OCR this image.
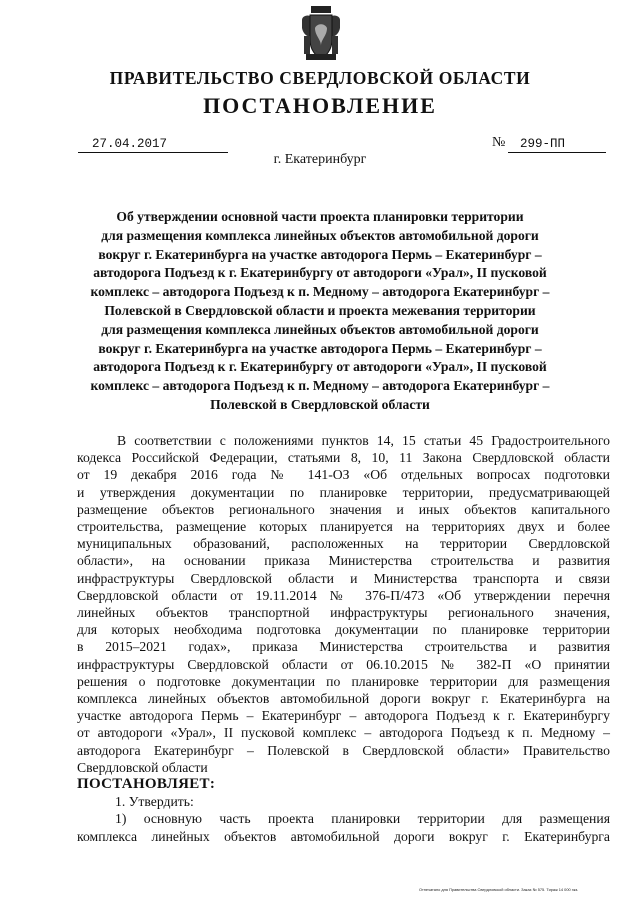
ПРАВИТЕЛЬСТВО СВЕРДЛОВСКОЙ ОБЛАСТИ
ПОСТАНОВЛЕНИЕ
27.04.2017	№	299-ПП
г. Екатеринбург
Об утверждении основной части проекта планировки территории
для размещения комплекса линейных объектов автомобильной дороги
вокруг г. Екатеринбурга на участке автодорога Пермь – Екатеринбург –
автодорога Подъезд к г. Екатеринбургу от автодороги «Урал», II пусковой
комплекс – автодорога Подъезд к п. Медному – автодорога Екатеринбург –
Полевской в Свердловской области и проекта межевания территории
для размещения комплекса линейных объектов автомобильной дороги
вокруг г. Екатеринбурга на участке автодорога Пермь – Екатеринбург –
автодорога Подъезд к г. Екатеринбургу от автодороги «Урал», II пусковой
комплекс – автодорога Подъезд к п. Медному – автодорога Екатеринбург –
Полевской в Свердловской области
В соответствии с положениями пунктов 14, 15 статьи 45 Градостроительного
кодекса Российской Федерации, статьями 8, 10, 11 Закона Свердловской области
от 19 декабря 2016 года № 141-ОЗ «Об отдельных вопросах подготовки
и утверждения документации по планировке территории, предусматривающей
размещение объектов регионального значения и иных объектов капитального
строительства, размещение которых планируется на территориях двух и более
муниципальных образований, расположенных на территории Свердловской
области», на основании приказа Министерства строительства и развития
инфраструктуры Свердловской области и Министерства транспорта и связи
Свердловской области от 19.11.2014 № 376-П/473 «Об утверждении перечня
линейных объектов транспортной инфраструктуры регионального значения,
для которых необходима подготовка документации по планировке территории
в 2015–2021 годах», приказа Министерства строительства и развития
инфраструктуры Свердловской области от 06.10.2015 № 382-П «О принятии
решения о подготовке документации по планировке территории для размещения
комплекса линейных объектов автомобильной дороги вокруг г. Екатеринбурга на
участке автодорога Пермь – Екатеринбург – автодорога Подъезд к г. Екатеринбургу
от автодороги «Урал», II пусковой комплекс – автодорога Подъезд к п. Медному –
автодорога Екатеринбург – Полевской в Свердловской области» Правительство
Свердловской области
ПОСТАНОВЛЯЕТ:
1. Утвердить:
1) основную часть проекта планировки территории для размещения
комплекса линейных объектов автомобильной дороги вокруг г. Екатеринбурга
Отпечатано для Правительства Свердловской области. Заказ № 575. Тираж 14 000 экз.
